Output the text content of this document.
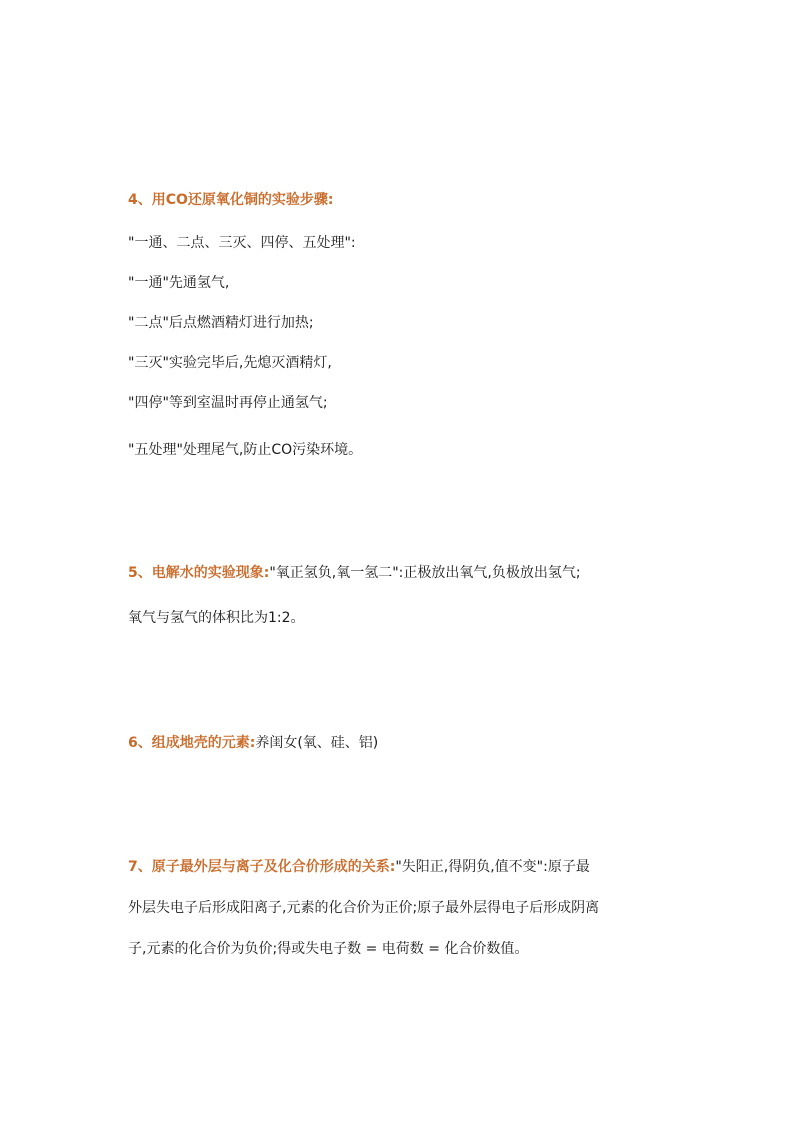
4、用CO还原氧化铜的实验步骤:
"一通、二点、三灭、四停、五处理":
"一通"先通氢气,
"二点"后点燃酒精灯进行加热;
"三灭"实验完毕后,先熄灭酒精灯,
"四停"等到室温时再停止通氢气;
"五处理"处理尾气,防止CO污染环境。
5、电解水的实验现象:"氧正氢负,氧一氢二":正极放出氧气,负极放出氢气;
氧气与氢气的体积比为1:2。
6、组成地壳的元素:养闺女(氧、硅、铝)
7、原子最外层与离子及化合价形成的关系:"失阳正,得阴负,值不变":原子最
外层失电子后形成阳离子,元素的化合价为正价;原子最外层得电子后形成阴离
子,元素的化合价为负价;得或失电子数 = 电荷数 = 化合价数值。
